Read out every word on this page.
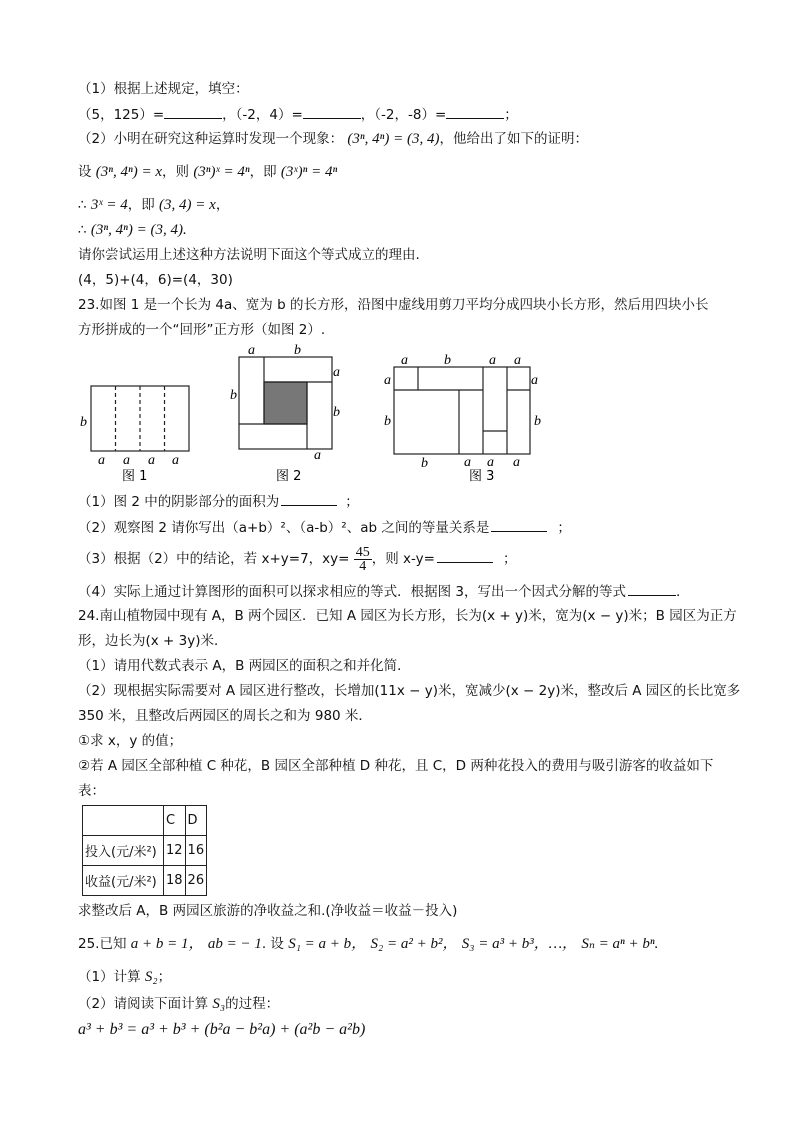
（1）根据上述规定，填空：
（5，125）=	，（-2，4）=	，（-2，-8）=	；
（2）小明在研究这种运算时发现一个现象： (3ⁿ, 4ⁿ) = (3, 4)，他给出了如下的证明：
设 (3ⁿ, 4ⁿ) = x，则 (3ⁿ)ˣ = 4ⁿ，即 (3ˣ)ⁿ = 4ⁿ
∴ 3ˣ = 4，即 (3, 4) = x，
∴ (3ⁿ, 4ⁿ) = (3, 4).
请你尝试运用上述这种方法说明下面这个等式成立的理由.
(4，5)+(4，6)=(4，30)
23.如图 1 是一个长为 4a、宽为 b 的长方形，沿图中虚线用剪刀平均分成四块小长方形，然后用四块小长
方形拼成的一个“回形”正方形（如图 2）.
b
a a a a
图 1
a	b
a
b
b
a
图 2
a	b	a a
a	a
b	b
b	a a a
图 3
（1）图 2 中的阴影部分的面积为	；
（2）观察图 2 请你写出（a+b）²、（a-b）²、ab 之间的等量关系是	；
（3）根据（2）中的结论，若 x+y=7，$xy= \frac{45}{4}$ ，则 x-y=	；
（4）实际上通过计算图形的面积可以探求相应的等式．根据图 3，写出一个因式分解的等式	.
24.南山植物园中现有 A，B 两个园区．已知 A 园区为长方形，长为(x + y)米，宽为(x − y)米；B 园区为正方
形，边长为(x + 3y)米．
（1）请用代数式表示 A，B 两园区的面积之和并化简．
（2）现根据实际需要对 A 园区进行整改，长增加(11x − y)米，宽减少(x − 2y)米，整改后 A 园区的长比宽多
350 米，且整改后两园区的周长之和为 980 米．
①求 x，y 的值；
②若 A 园区全部种植 C 种花，B 园区全部种植 D 种花，且 C，D 两种花投入的费用与吸引游客的收益如下
表：
	C	D
投入(元/米²)	12	16
收益(元/米²)	18	26
求整改后 A，B 两园区旅游的净收益之和.(净收益＝收益－投入)
25.已知 a + b = 1， ab = − 1. 设 S₁ = a + b， S₂ = a² + b²， S₃ = a³ + b³，…， Sₙ = aⁿ + bⁿ.
（1）计算 S₂；
（2）请阅读下面计算 S₃的过程：
a³ + b³ = a³ + b³ + (b²a − b²a) + (a²b − a²b)
